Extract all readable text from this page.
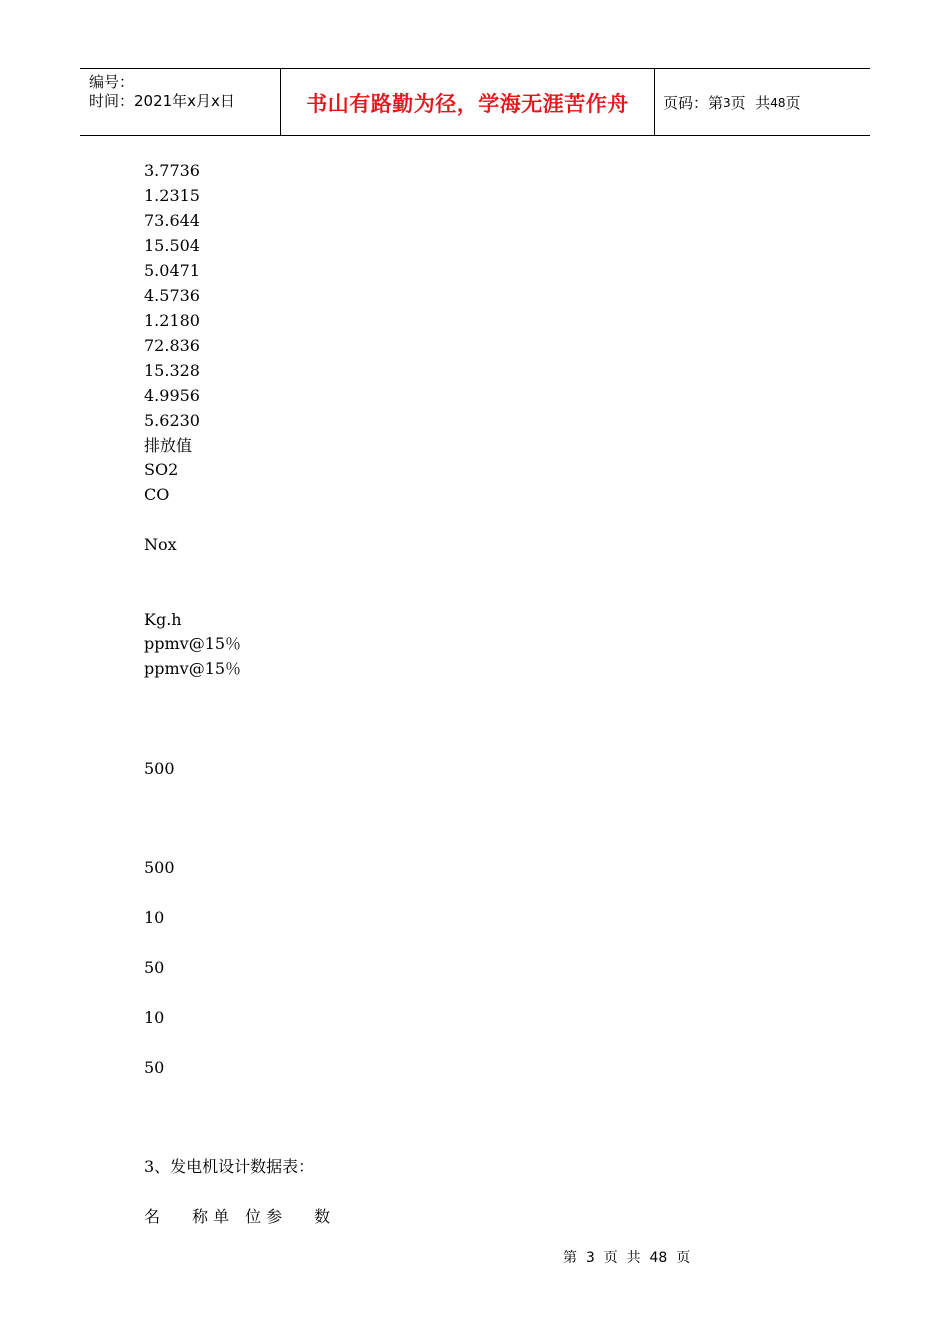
编号：
时间：2021年x月x日	书山有路勤为径，学海无涯苦作舟 页码：第 3 页  共 48 页
3.7736
1.2315
73.644
15.504
5.0471
4.5736
1.2180
72.836
15.328
4.9956
5.6230
排放值
SO2
CO
Nox
Kg.h
ppmv@15％
ppmv@15％
500
500
10
50
10
50
3、发电机设计数据表：
名　　称 单　位 参　　数
第  3  页  共  48  页
